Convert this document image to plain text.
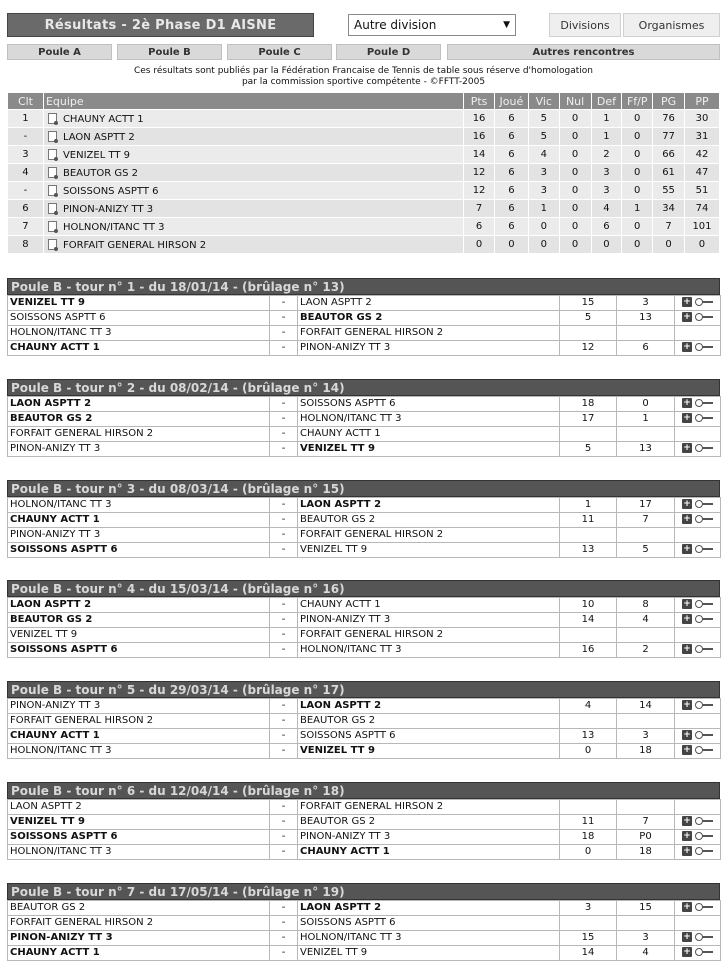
Résultats - 2è Phase D1 AISNE	Autre division	▼	Divisions	Organismes
Poule A	Poule B	Poule C	Poule D	Autres rencontres
Ces résultats sont publiés par la Fédération Francaise de Tennis de table sous réserve d'homologation
par la commission sportive compétente - ©FFTT-2005
Clt	Equipe	Pts	Joué	Vic	Nul	Def	Ff/P	PG	PP
1	CHAUNY ACTT 1	16	6	5	0	1	0	76	30
-	LAON ASPTT 2	16	6	5	0	1	0	77	31
3	VENIZEL TT 9	14	6	4	0	2	0	66	42
4	BEAUTOR GS 2	12	6	3	0	3	0	61	47
-	SOISSONS ASPTT 6	12	6	3	0	3	0	55	51
6	PINON-ANIZY TT 3	7	6	1	0	4	1	34	74
7	HOLNON/ITANC TT 3	6	6	0	0	6	0	7	101
8	FORFAIT GENERAL HIRSON 2	0	0	0	0	0	0	0	0
Poule B - tour n° 1 - du 18/01/14 - (brûlage n° 13)
VENIZEL TT 9	-	LAON ASPTT 2	15	3	+
SOISSONS ASPTT 6	-	BEAUTOR GS 2	5	13	+
HOLNON/ITANC TT 3	-	FORFAIT GENERAL HIRSON 2			
CHAUNY ACTT 1	-	PINON-ANIZY TT 3	12	6	+
Poule B - tour n° 2 - du 08/02/14 - (brûlage n° 14)
LAON ASPTT 2	-	SOISSONS ASPTT 6	18	0	+
BEAUTOR GS 2	-	HOLNON/ITANC TT 3	17	1	+
FORFAIT GENERAL HIRSON 2	-	CHAUNY ACTT 1			
PINON-ANIZY TT 3	-	VENIZEL TT 9	5	13	+
Poule B - tour n° 3 - du 08/03/14 - (brûlage n° 15)
HOLNON/ITANC TT 3	-	LAON ASPTT 2	1	17	+
CHAUNY ACTT 1	-	BEAUTOR GS 2	11	7	+
PINON-ANIZY TT 3	-	FORFAIT GENERAL HIRSON 2			
SOISSONS ASPTT 6	-	VENIZEL TT 9	13	5	+
Poule B - tour n° 4 - du 15/03/14 - (brûlage n° 16)
LAON ASPTT 2	-	CHAUNY ACTT 1	10	8	+
BEAUTOR GS 2	-	PINON-ANIZY TT 3	14	4	+
VENIZEL TT 9	-	FORFAIT GENERAL HIRSON 2			
SOISSONS ASPTT 6	-	HOLNON/ITANC TT 3	16	2	+
Poule B - tour n° 5 - du 29/03/14 - (brûlage n° 17)
PINON-ANIZY TT 3	-	LAON ASPTT 2	4	14	+
FORFAIT GENERAL HIRSON 2	-	BEAUTOR GS 2			
CHAUNY ACTT 1	-	SOISSONS ASPTT 6	13	3	+
HOLNON/ITANC TT 3	-	VENIZEL TT 9	0	18	+
Poule B - tour n° 6 - du 12/04/14 - (brûlage n° 18)
LAON ASPTT 2	-	FORFAIT GENERAL HIRSON 2			
VENIZEL TT 9	-	BEAUTOR GS 2	11	7	+
SOISSONS ASPTT 6	-	PINON-ANIZY TT 3	18	P0	+
HOLNON/ITANC TT 3	-	CHAUNY ACTT 1	0	18	+
Poule B - tour n° 7 - du 17/05/14 - (brûlage n° 19)
BEAUTOR GS 2	-	LAON ASPTT 2	3	15	+
FORFAIT GENERAL HIRSON 2	-	SOISSONS ASPTT 6			
PINON-ANIZY TT 3	-	HOLNON/ITANC TT 3	15	3	+
CHAUNY ACTT 1	-	VENIZEL TT 9	14	4	+
